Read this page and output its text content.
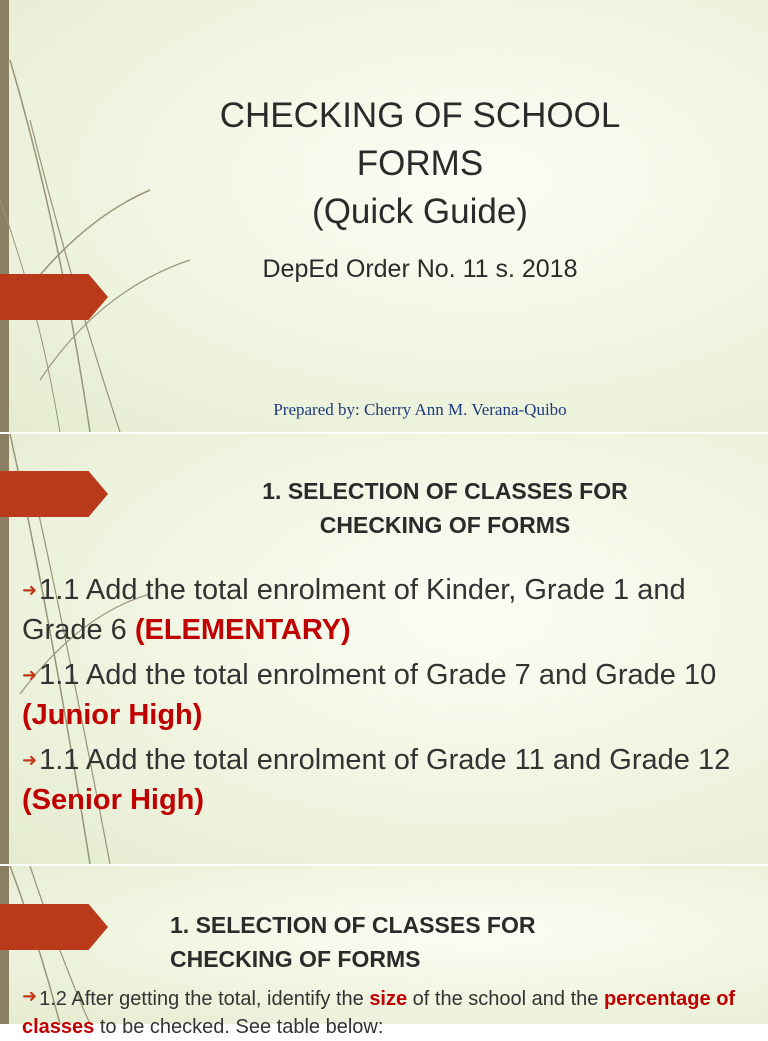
CHECKING OF SCHOOL
FORMS
(Quick Guide)
DepEd Order No. 11 s. 2018
Prepared by: Cherry Ann M. Verana-Quibo
1. SELECTION OF CLASSES FOR
CHECKING OF FORMS
➜1.1 Add the total enrolment of Kinder, Grade 1 and Grade 6 (ELEMENTARY)
➜1.1 Add the total enrolment of Grade 7 and Grade 10 (Junior High)
➜1.1 Add the total enrolment of Grade 11 and Grade 12 (Senior High)
1. SELECTION OF CLASSES FOR
CHECKING OF FORMS
➜ 1.2 After getting the total, identify the size of the school and the percentage of classes to be checked. See table below:
